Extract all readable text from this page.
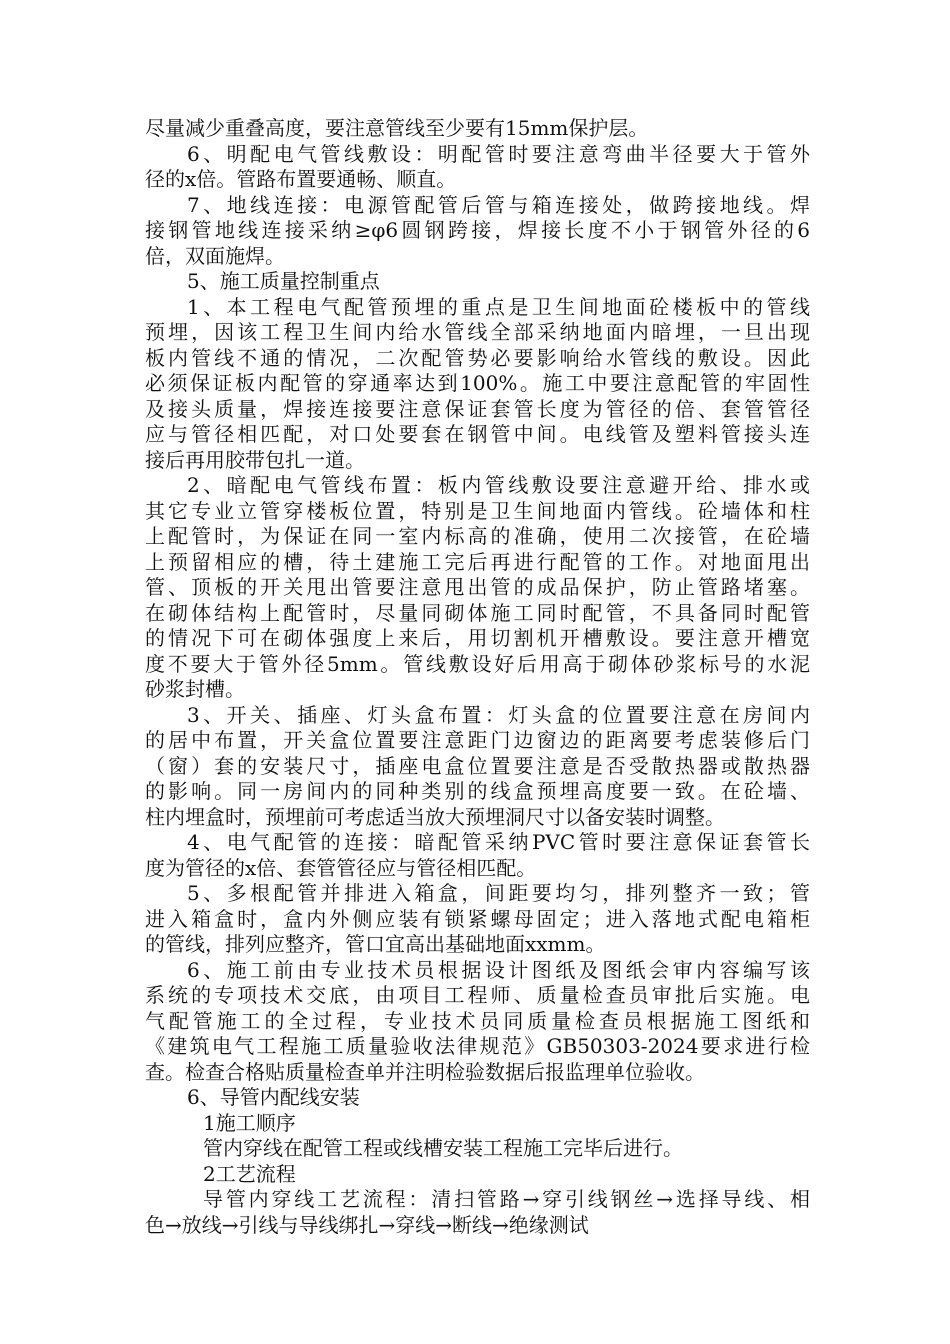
尽量减少重叠高度，要注意管线至少要有15mm保护层。
6、明配电气管线敷设：明配管时要注意弯曲半径要大于管外
径的x倍。管路布置要通畅、顺直。
7、地线连接：电源管配管后管与箱连接处，做跨接地线。焊
接钢管地线连接采纳≥φ6圆钢跨接，焊接长度不小于钢管外径的6
倍，双面施焊。
5、施工质量控制重点
1、本工程电气配管预埋的重点是卫生间地面砼楼板中的管线
预埋，因该工程卫生间内给水管线全部采纳地面内暗埋，一旦出现
板内管线不通的情况，二次配管势必要影响给水管线的敷设。因此
必须保证板内配管的穿通率达到100%。施工中要注意配管的牢固性
及接头质量，焊接连接要注意保证套管长度为管径的倍、套管管径
应与管径相匹配，对口处要套在钢管中间。电线管及塑料管接头连
接后再用胶带包扎一道。
2、暗配电气管线布置：板内管线敷设要注意避开给、排水或
其它专业立管穿楼板位置，特别是卫生间地面内管线。砼墙体和柱
上配管时，为保证在同一室内标高的准确，使用二次接管，在砼墙
上预留相应的槽，待土建施工完后再进行配管的工作。对地面甩出
管、顶板的开关甩出管要注意甩出管的成品保护，防止管路堵塞。
在砌体结构上配管时，尽量同砌体施工同时配管，不具备同时配管
的情况下可在砌体强度上来后，用切割机开槽敷设。要注意开槽宽
度不要大于管外径5mm。管线敷设好后用高于砌体砂浆标号的水泥
砂浆封槽。
3、开关、插座、灯头盒布置：灯头盒的位置要注意在房间内
的居中布置，开关盒位置要注意距门边窗边的距离要考虑装修后门
（窗）套的安装尺寸，插座电盒位置要注意是否受散热器或散热器
的影响。同一房间内的同种类别的线盒预埋高度要一致。在砼墙、
柱内埋盒时，预埋前可考虑适当放大预埋洞尺寸以备安装时调整。
4、电气配管的连接：暗配管采纳PVC管时要注意保证套管长
度为管径的x倍、套管管径应与管径相匹配。
5、多根配管并排进入箱盒，间距要均匀，排列整齐一致；管
进入箱盒时，盒内外侧应装有锁紧螺母固定；进入落地式配电箱柜
的管线，排列应整齐，管口宜高出基础地面xxmm。
6、施工前由专业技术员根据设计图纸及图纸会审内容编写该
系统的专项技术交底，由项目工程师、质量检查员审批后实施。电
气配管施工的全过程，专业技术员同质量检查员根据施工图纸和
《建筑电气工程施工质量验收法律规范》GB50303-2024要求进行检
查。检查合格贴质量检查单并注明检验数据后报监理单位验收。
6、导管内配线安装
1施工顺序
管内穿线在配管工程或线槽安装工程施工完毕后进行。
2工艺流程
导管内穿线工艺流程：清扫管路→穿引线钢丝→选择导线、相
色→放线→引线与导线绑扎→穿线→断线→绝缘测试
